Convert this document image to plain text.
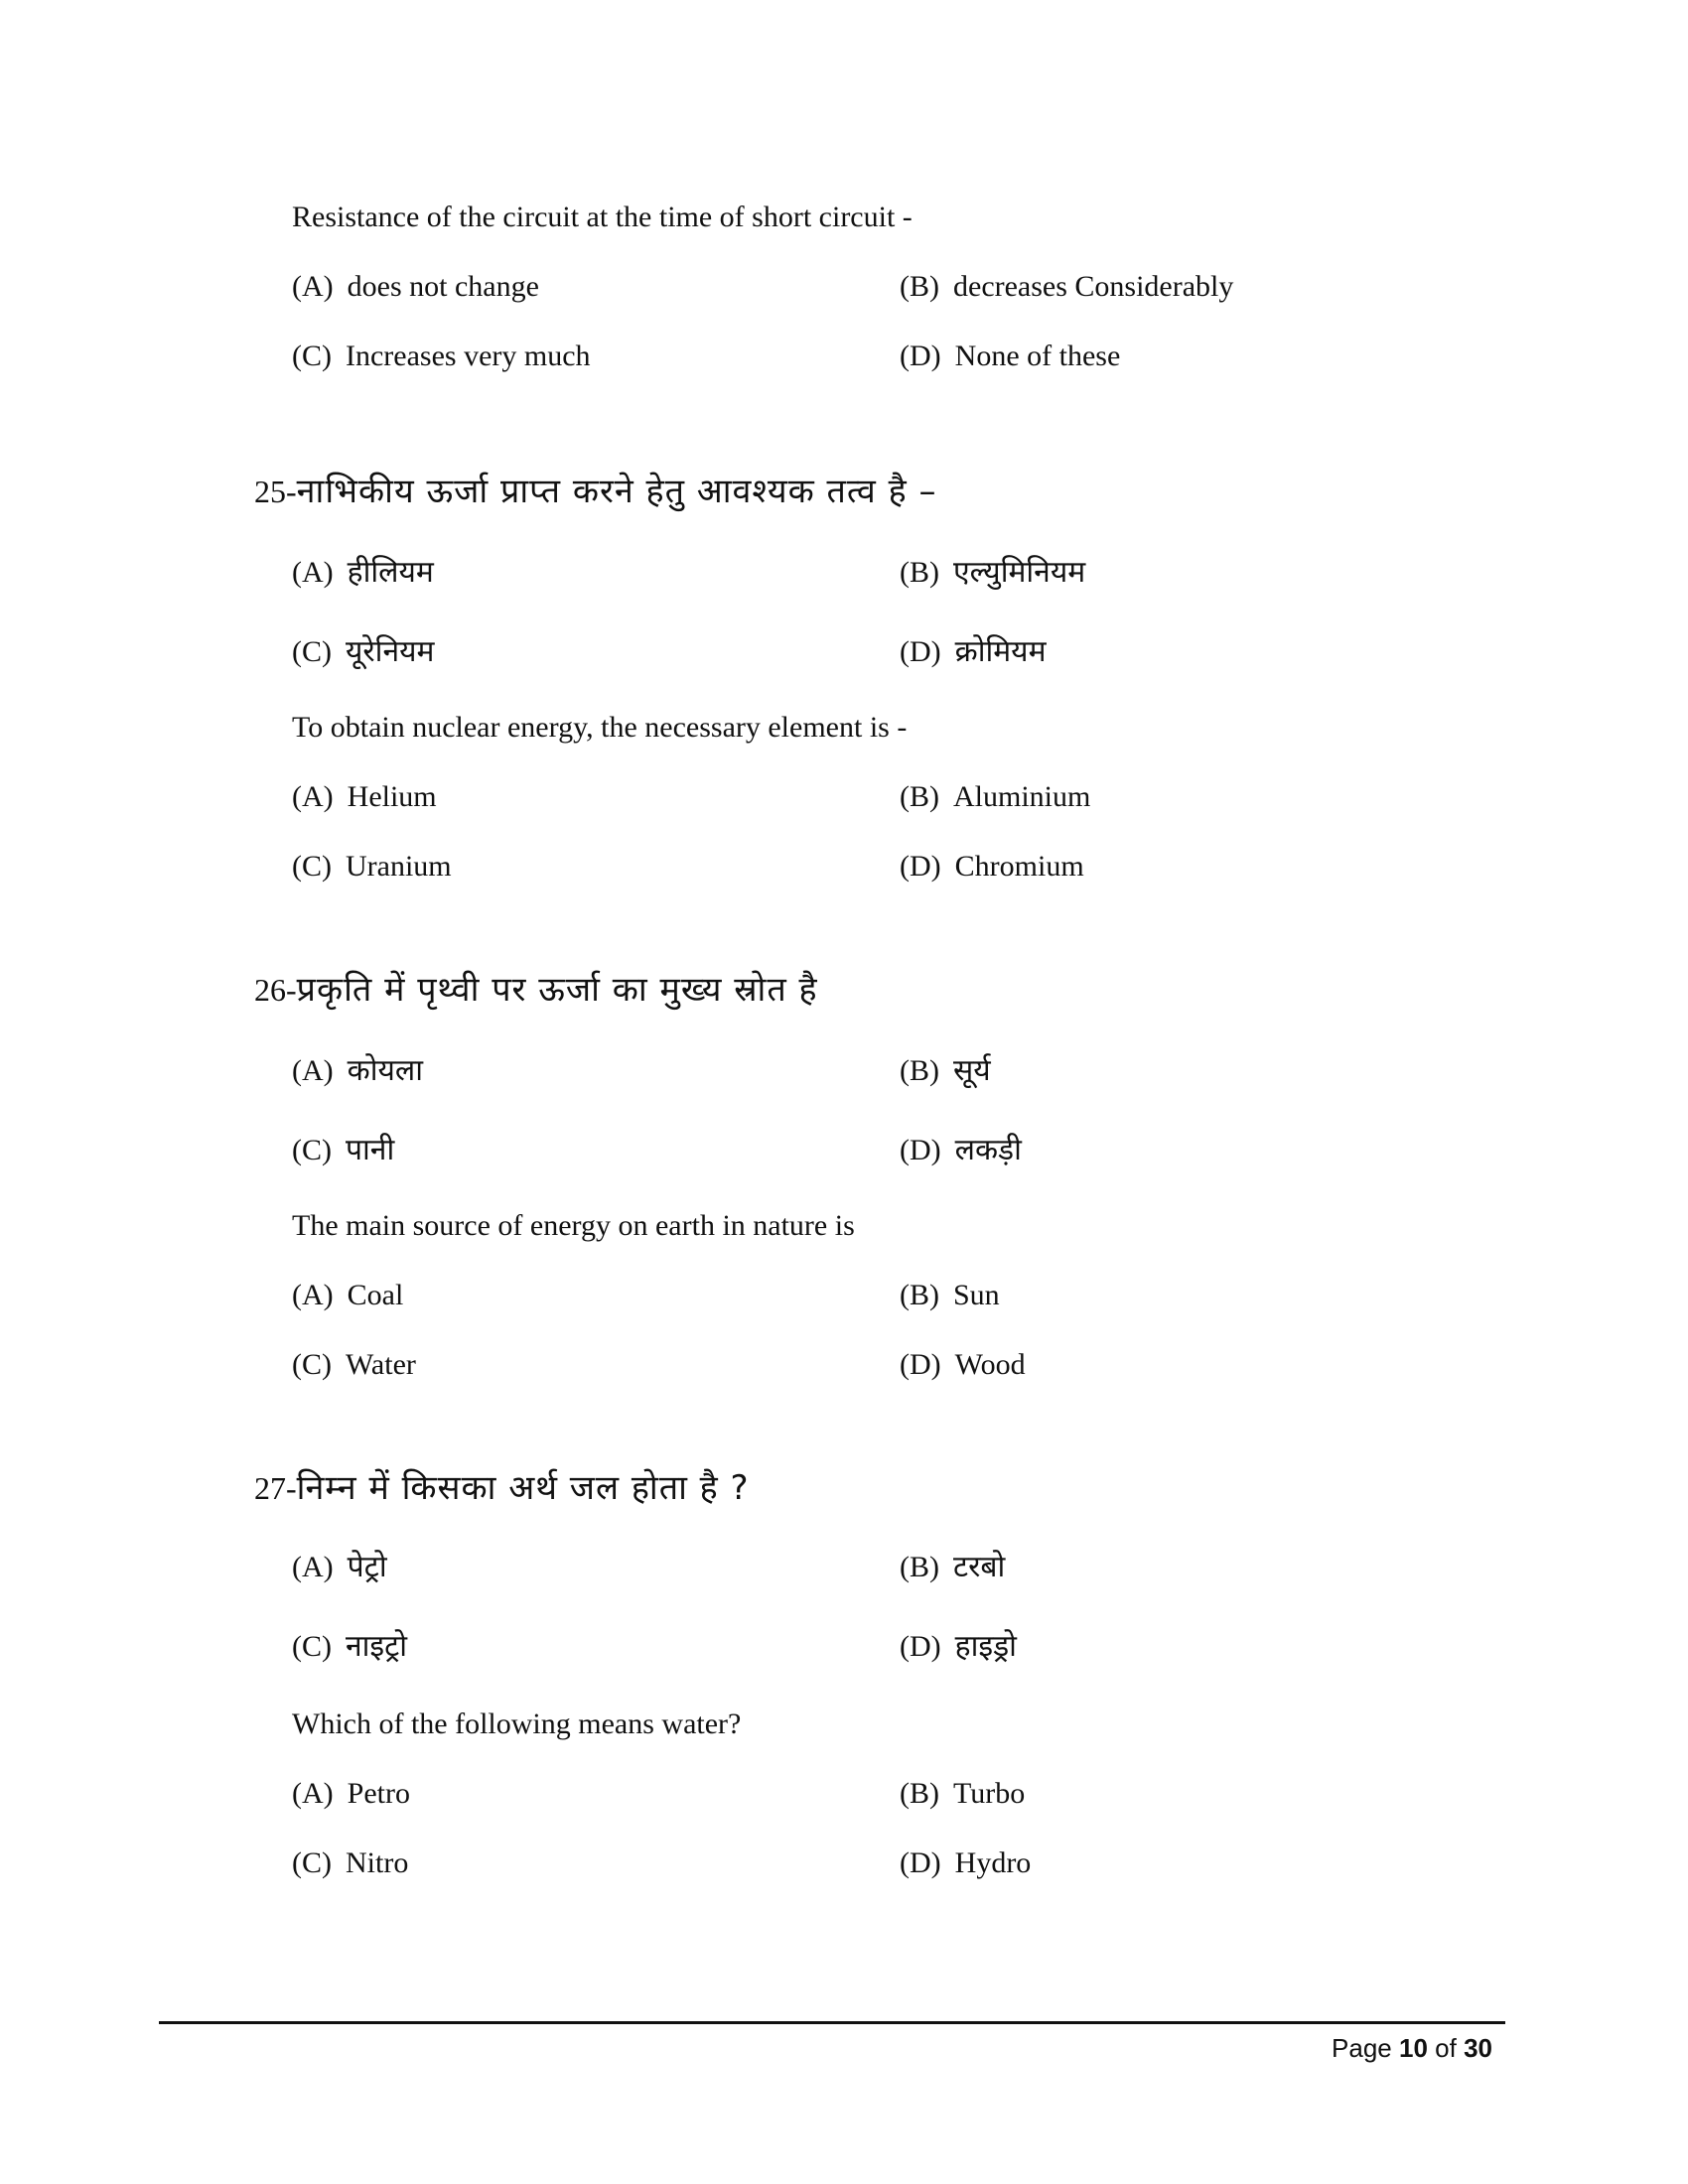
Resistance of the circuit at the time of short circuit -
(A) does not change	(B) decreases Considerably
(C) Increases very much	(D) None of these
25-नाभिकीय ऊर्जा प्राप्त करने हेतु आवश्यक तत्व है –
(A) हीलियम	(B) एल्युमिनियम
(C) यूरेनियम	(D) क्रोमियम
To obtain nuclear energy, the necessary element is -
(A) Helium	(B) Aluminium
(C) Uranium	(D) Chromium
26-प्रकृति में पृथ्वी पर ऊर्जा का मुख्य स्रोत है
(A) कोयला	(B) सूर्य
(C) पानी	(D) लकड़ी
The main source of energy on earth in nature is
(A) Coal	(B) Sun
(C) Water	(D) Wood
27-निम्न में किसका अर्थ जल होता है ?
(A) पेट्रो	(B) टरबो
(C) नाइट्रो	(D) हाइड्रो
Which of the following means water?
(A) Petro	(B) Turbo
(C) Nitro	(D) Hydro
Page 10 of 30
